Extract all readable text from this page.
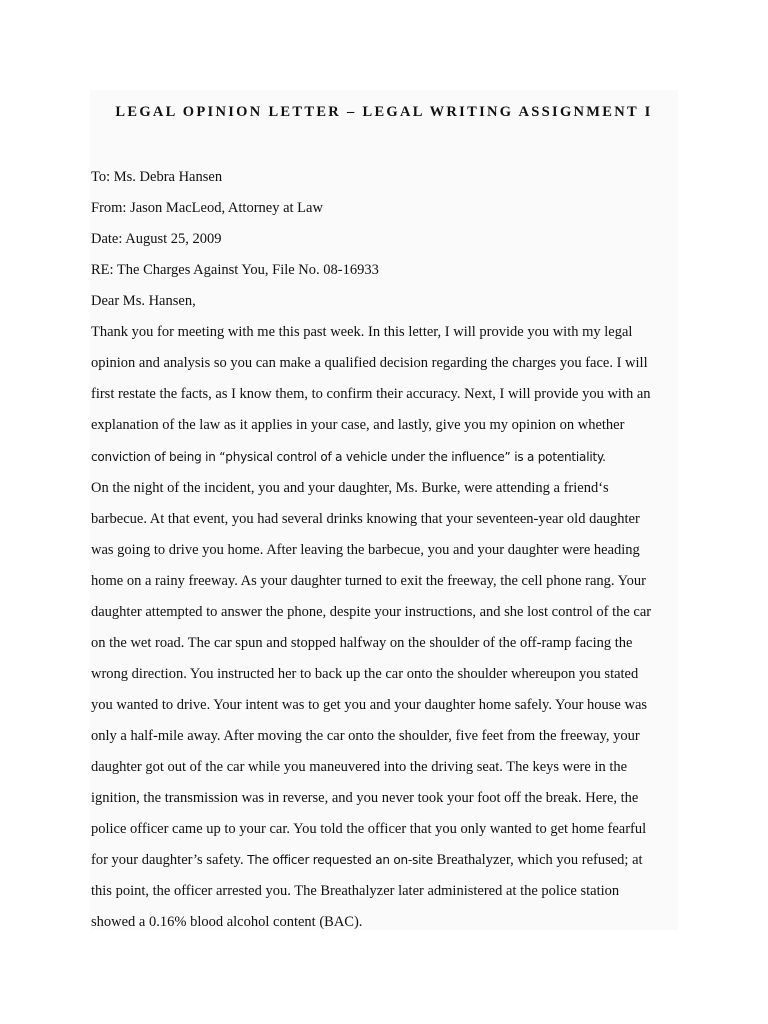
LEGAL OPINION LETTER – LEGAL WRITING ASSIGNMENT I
To: Ms. Debra Hansen
From: Jason MacLeod, Attorney at Law
Date: August 25, 2009
RE: The Charges Against You, File No. 08-16933
Dear Ms. Hansen,
Thank you for meeting with me this past week. In this letter, I will provide you with my legal
opinion and analysis so you can make a qualified decision regarding the charges you face. I will
first restate the facts, as I know them, to confirm their accuracy. Next, I will provide you with an
explanation of the law as it applies in your case, and lastly, give you my opinion on whether
conviction of being in “physical control of a vehicle under the influence” is a potentiality.
On the night of the incident, you and your daughter, Ms. Burke, were attending a friend‘s
barbecue. At that event, you had several drinks knowing that your seventeen-year old daughter
was going to drive you home. After leaving the barbecue, you and your daughter were heading
home on a rainy freeway. As your daughter turned to exit the freeway, the cell phone rang. Your
daughter attempted to answer the phone, despite your instructions, and she lost control of the car
on the wet road. The car spun and stopped halfway on the shoulder of the off-ramp facing the
wrong direction. You instructed her to back up the car onto the shoulder whereupon you stated
you wanted to drive. Your intent was to get you and your daughter home safely. Your house was
only a half-mile away. After moving the car onto the shoulder, five feet from the freeway, your
daughter got out of the car while you maneuvered into the driving seat. The keys were in the
ignition, the transmission was in reverse, and you never took your foot off the break. Here, the
police officer came up to your car. You told the officer that you only wanted to get home fearful
for your daughter’s safety. The officer requested an on-site Breathalyzer, which you refused; at
this point, the officer arrested you. The Breathalyzer later administered at the police station
showed a 0.16% blood alcohol content (BAC).
